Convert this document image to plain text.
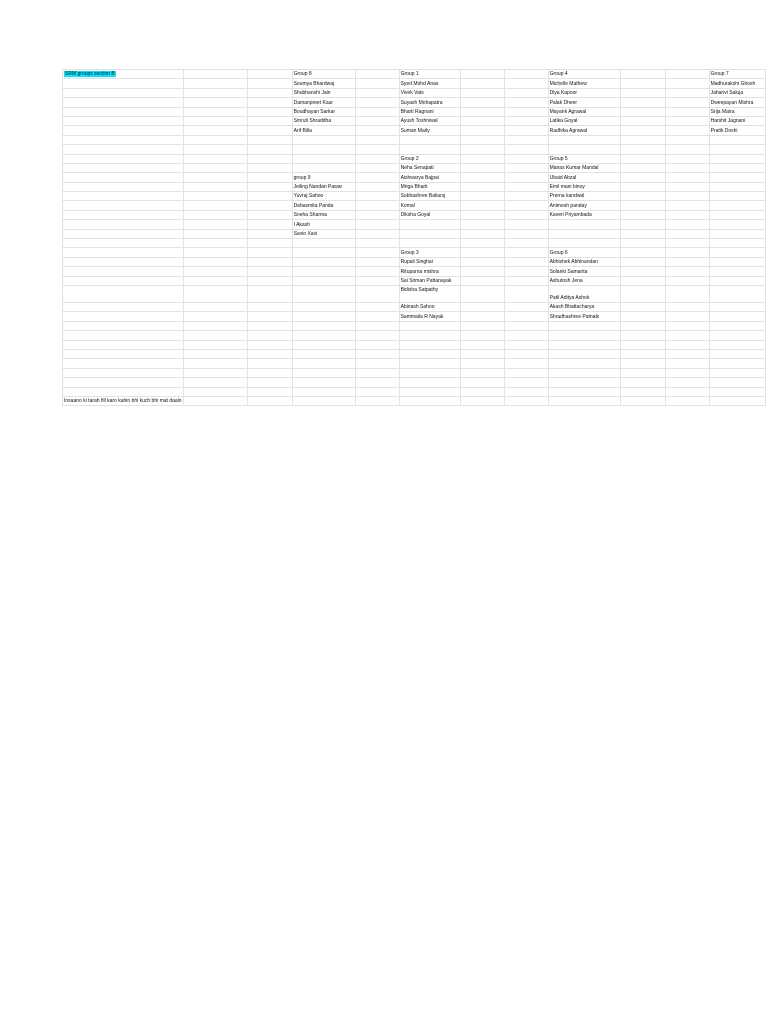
SRM groups section B			Group 8		Group 1			Group 4			Group 7
			Soumya Bhardwaj		Syed Mohd Anas			Michelle Mathew			Madhurakshi Ghosh
			Shubhanshi Jain		Vivek Vats			Diya Kapoor			Jahanvi Saluja
			Damanpreet Kaur		Suyash Mohapatra			Palak Dheer			Dweepayan Mishra
			Boudhayan Sarkar		Bharti Ragnani			Mayank Agrawal			Srija Maira
			Smruti Shraddha		Ayush Toshniwal			Latika Goyal			Harshit Jagnani
			Arif Billa		Suman Maity			Radhika Agrawal			Pratik Doshi

					Group 2			Group 5			
					Neha Senapati			Manas Kumar Mandal			
			group 9		Aishwarya Bajpai			Ubaid Abzal			
			Jeiling Nandan Pawar		Mrigа Bharti			Emil mani binoy			
			Yuvraj Sahoo		Subhashree Baliarsj			Prerna kandwal			
			Debasmita Panda		Komal			Animesh panday			
			Sneha Sharma		Diksha Goyal			Kaveri Priyambada			
			I Akash								
			Savio Xavi								

					Group 3			Group 6			
					Rupali Singhai			Abhishek Abhinandan			
					Rituparna mishra			Solanki Samanta			
					Sai Sriman Pattanayak			Ashutosh Jena			
					Bidisha Satpathy			Patil Aditya Ashok			
					Abinash Sahoo			Akash Bhattacharya			
					Sammaila R Nayak			Shradhashree Patnaik			

Insaano ki tarah fill karo kahin bhi kuch bhi mat daalo											
